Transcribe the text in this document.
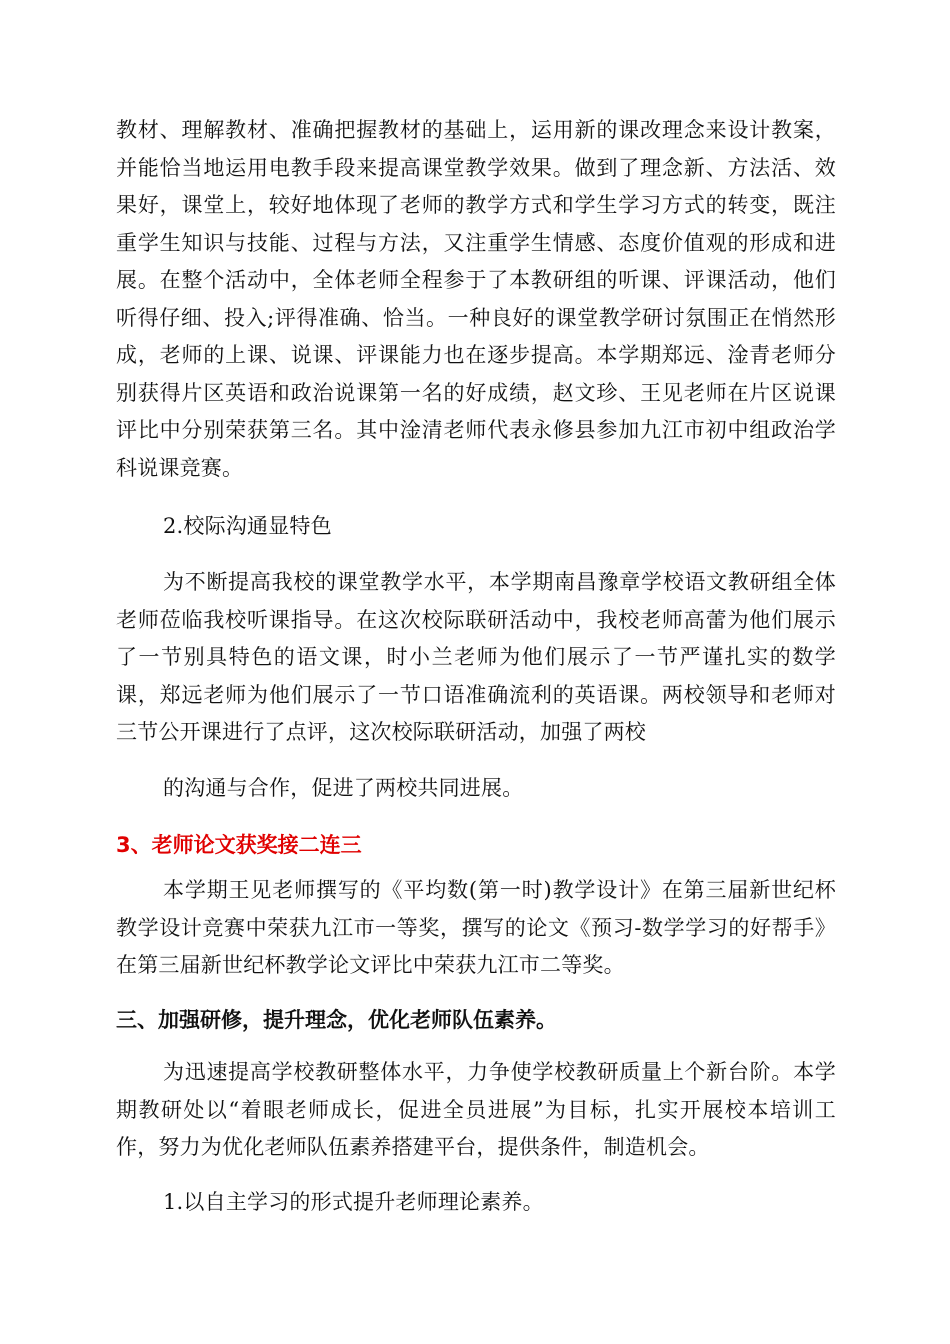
教材、理解教材、准确把握教材的基础上，运用新的课改理念来设计教案，并能恰当地运用电教手段来提高课堂教学效果。做到了理念新、方法活、效果好，课堂上，较好地体现了老师的教学方式和学生学习方式的转变，既注重学生知识与技能、过程与方法，又注重学生情感、态度价值观的形成和进展。在整个活动中，全体老师全程参于了本教研组的听课、评课活动，他们听得仔细、投入;评得准确、恰当。一种良好的课堂教学研讨氛围正在悄然形成，老师的上课、说课、评课能力也在逐步提高。本学期郑远、淦青老师分别获得片区英语和政治说课第一名的好成绩，赵文珍、王见老师在片区说课评比中分别荣获第三名。其中淦清老师代表永修县参加九江市初中组政治学科说课竞赛。

2.校际沟通显特色

为不断提高我校的课堂教学水平，本学期南昌豫章学校语文教研组全体老师莅临我校听课指导。在这次校际联研活动中，我校老师高蕾为他们展示了一节别具特色的语文课，时小兰老师为他们展示了一节严谨扎实的数学课，郑远老师为他们展示了一节口语准确流利的英语课。两校领导和老师对三节公开课进行了点评，这次校际联研活动，加强了两校

的沟通与合作，促进了两校共同进展。

3、老师论文获奖接二连三

本学期王见老师撰写的《平均数(第一时)教学设计》在第三届新世纪杯教学设计竞赛中荣获九江市一等奖，撰写的论文《预习-数学学习的好帮手》在第三届新世纪杯教学论文评比中荣获九江市二等奖。

三、加强研修，提升理念，优化老师队伍素养。

为迅速提高学校教研整体水平，力争使学校教研质量上个新台阶。本学期教研处以“着眼老师成长，促进全员进展”为目标，扎实开展校本培训工作，努力为优化老师队伍素养搭建平台，提供条件，制造机会。

1.以自主学习的形式提升老师理论素养。
